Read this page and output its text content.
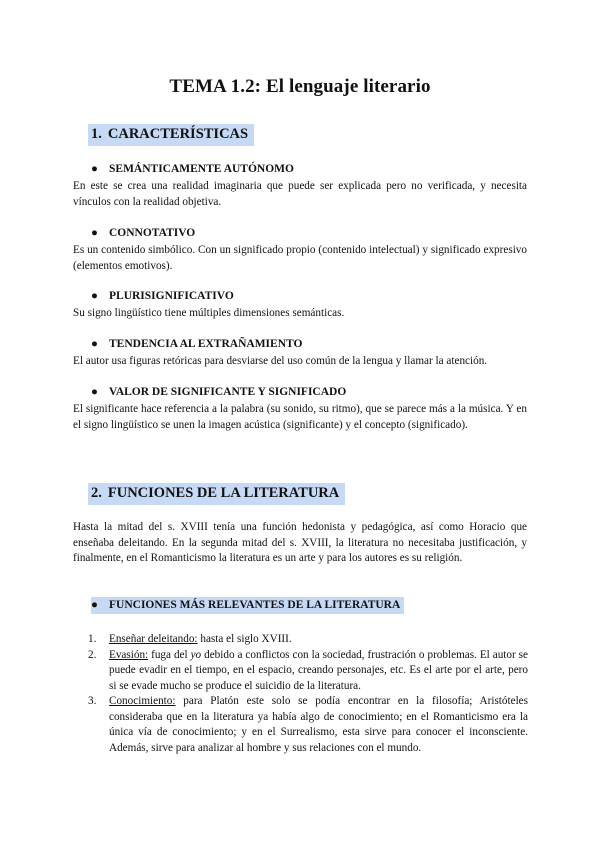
TEMA 1.2: El lenguaje literario
1. CARACTERÍSTICAS
● SEMÁNTICAMENTE AUTÓNOMO
En este se crea una realidad imaginaria que puede ser explicada pero no verificada, y necesita vínculos con la realidad objetiva.
● CONNOTATIVO
Es un contenido simbólico. Con un significado propio (contenido intelectual) y significado expresivo (elementos emotivos).
● PLURISIGNIFICATIVO
Su signo lingüístico tiene múltiples dimensiones semánticas.
● TENDENCIA AL EXTRAÑAMIENTO
El autor usa figuras retóricas para desviarse del uso común de la lengua y llamar la atención.
● VALOR DE SIGNIFICANTE Y SIGNIFICADO
El significante hace referencia a la palabra (su sonido, su ritmo), que se parece más a la música. Y en el signo lingüístico se unen la imagen acústica (significante) y el concepto (significado).
2. FUNCIONES DE LA LITERATURA
Hasta la mitad del s. XVIII tenía una función hedonista y pedagógica, así como Horacio que enseñaba deleitando. En la segunda mitad del s. XVIII, la literatura no necesitaba justificación, y finalmente, en el Romanticismo la literatura es un arte y para los autores es su religión.
● FUNCIONES MÁS RELEVANTES DE LA LITERATURA
1. Enseñar deleitando: hasta el siglo XVIII.
2. Evasión: fuga del yo debido a conflictos con la sociedad, frustración o problemas. El autor se puede evadir en el tiempo, en el espacio, creando personajes, etc. Es el arte por el arte, pero si se evade mucho se produce el suicidio de la literatura.
3. Conocimiento: para Platón este solo se podía encontrar en la filosofía; Aristóteles consideraba que en la literatura ya había algo de conocimiento; en el Romanticismo era la única vía de conocimiento; y en el Surrealismo, esta sirve para conocer el inconsciente. Además, sirve para analizar al hombre y sus relaciones con el mundo.
